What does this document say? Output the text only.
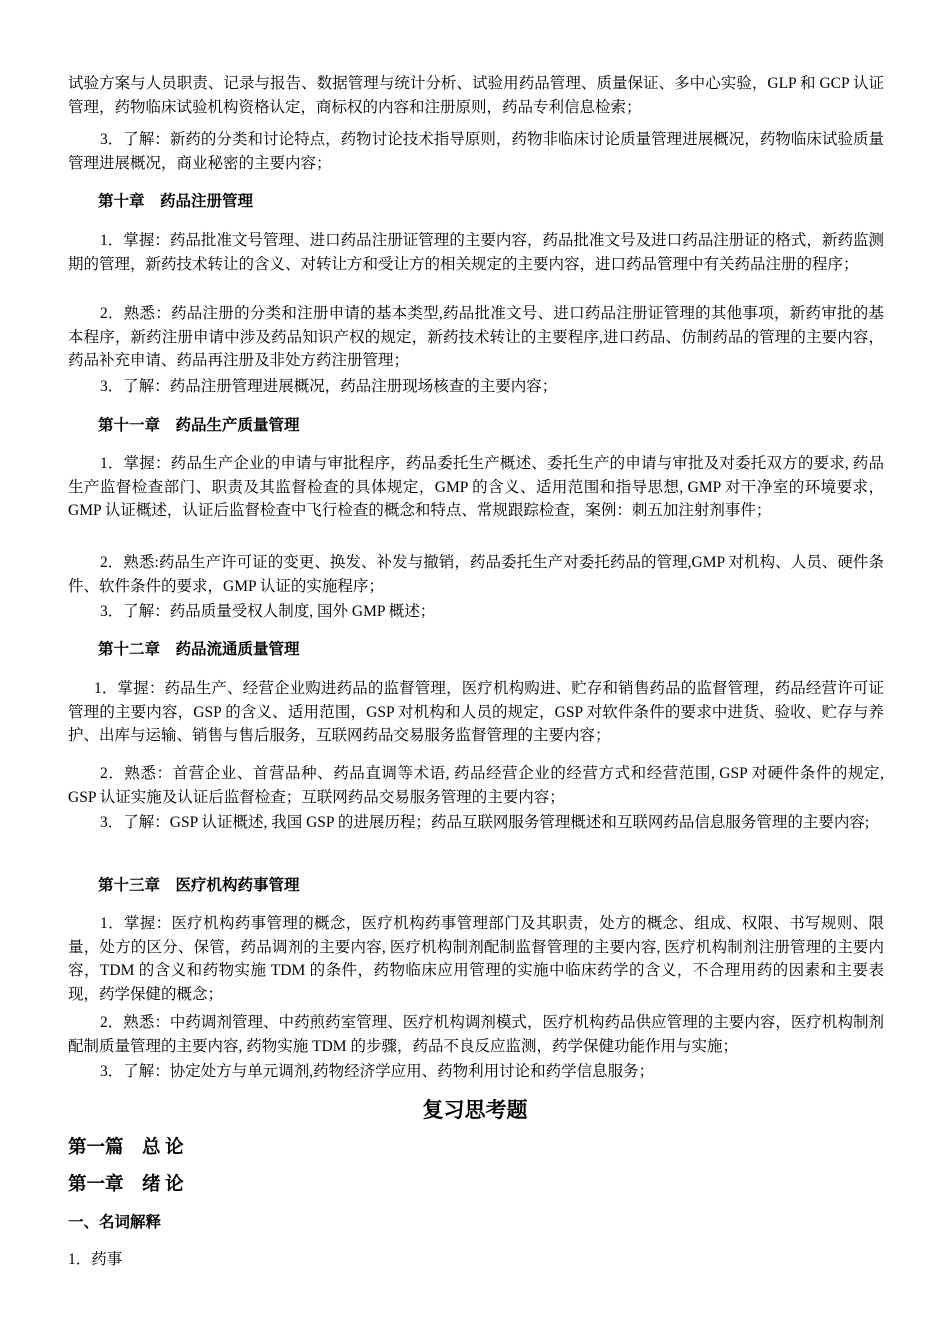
试验方案与人员职责、记录与报告、数据管理与统计分析、试验用药品管理、质量保证、多中心实验，GLP 和 GCP 认证管理，药物临床试验机构资格认定，商标权的内容和注册原则，药品专利信息检索；

3．了解：新药的分类和讨论特点，药物讨论技术指导原则，药物非临床讨论质量管理进展概况，药物临床试验质量管理进展概况，商业秘密的主要内容；

第十章　药品注册管理

1．掌握：药品批准文号管理、进口药品注册证管理的主要内容，药品批准文号及进口药品注册证的格式，新药监测期的管理，新药技术转让的含义、对转让方和受让方的相关规定的主要内容，进口药品管理中有关药品注册的程序；

2．熟悉：药品注册的分类和注册申请的基本类型,药品批准文号、进口药品注册证管理的其他事项，新药审批的基本程序，新药注册申请中涉及药品知识产权的规定，新药技术转让的主要程序,进口药品、仿制药品的管理的主要内容，药品补充申请、药品再注册及非处方药注册管理；

3．了解：药品注册管理进展概况，药品注册现场核查的主要内容；

第十一章　药品生产质量管理

1．掌握：药品生产企业的申请与审批程序，药品委托生产概述、委托生产的申请与审批及对委托双方的要求, 药品生产监督检查部门、职责及其监督检查的具体规定，GMP 的含义、适用范围和指导思想, GMP 对干净室的环境要求，GMP 认证概述，认证后监督检查中飞行检查的概念和特点、常规跟踪检查，案例：刺五加注射剂事件；

2．熟悉:药品生产许可证的变更、换发、补发与撤销，药品委托生产对委托药品的管理,GMP 对机构、人员、硬件条件、软件条件的要求，GMP 认证的实施程序；

3．了解：药品质量受权人制度, 国外 GMP 概述；

第十二章　药品流通质量管理

1．掌握：药品生产、经营企业购进药品的监督管理，医疗机构购进、贮存和销售药品的监督管理，药品经营许可证管理的主要内容，GSP 的含义、适用范围，GSP 对机构和人员的规定，GSP 对软件条件的要求中进货、验收、贮存与养护、出库与运输、销售与售后服务，互联网药品交易服务监督管理的主要内容；

2．熟悉：首营企业、首营品种、药品直调等术语, 药品经营企业的经营方式和经营范围, GSP 对硬件条件的规定, GSP 认证实施及认证后监督检查；互联网药品交易服务管理的主要内容；

3．了解：GSP 认证概述, 我国 GSP 的进展历程；药品互联网服务管理概述和互联网药品信息服务管理的主要内容;

第十三章　医疗机构药事管理

1．掌握：医疗机构药事管理的概念，医疗机构药事管理部门及其职责，处方的概念、组成、权限、书写规则、限量，处方的区分、保管，药品调剂的主要内容, 医疗机构制剂配制监督管理的主要内容, 医疗机构制剂注册管理的主要内容，TDM 的含义和药物实施 TDM 的条件，药物临床应用管理的实施中临床药学的含义，不合理用药的因素和主要表现，药学保健的概念；

2．熟悉：中药调剂管理、中药煎药室管理、医疗机构调剂模式，医疗机构药品供应管理的主要内容，医疗机构制剂配制质量管理的主要内容, 药物实施 TDM 的步骤，药品不良反应监测，药学保健功能作用与实施；

3．了解：协定处方与单元调剂,药物经济学应用、药物利用讨论和药学信息服务；

复习思考题

第一篇　总 论

第一章　绪 论

一、名词解释

1．药事
